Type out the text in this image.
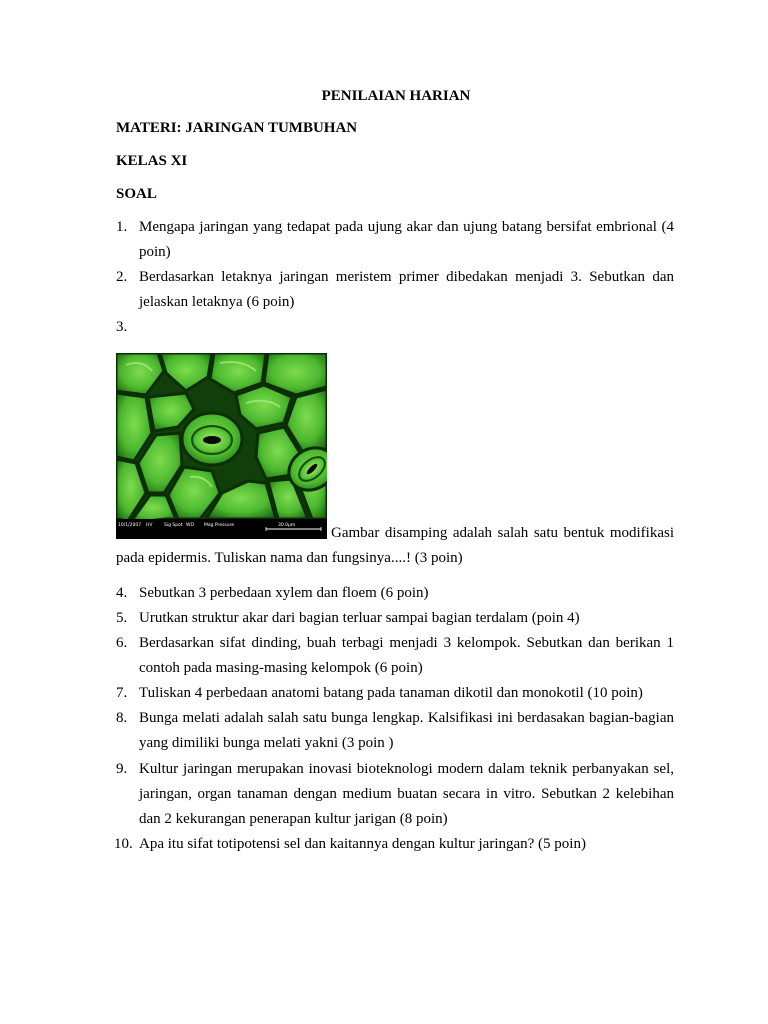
PENILAIAN HARIAN
MATERI: JARINGAN TUMBUHAN
KELAS XI
SOAL
1. Mengapa jaringan yang tedapat pada ujung akar dan ujung batang bersifat embrional (4 poin)
2. Berdasarkan letaknya jaringan meristem primer dibedakan menjadi 3. Sebutkan dan jelaskan letaknya (6 poin)
3.
10/1/2007 HV	Sig Spot WD Mag Pressure	30.0µm Gambar disamping adalah salah satu bentuk modifikasi
pada epidermis. Tuliskan nama dan fungsinya....! (3 poin)
4. Sebutkan 3 perbedaan xylem dan floem (6 poin)
5. Urutkan struktur akar dari bagian terluar sampai bagian terdalam (poin 4)
6. Berdasarkan sifat dinding, buah terbagi menjadi 3 kelompok. Sebutkan dan berikan 1 contoh pada masing-masing kelompok (6 poin)
7. Tuliskan 4 perbedaan anatomi batang pada tanaman dikotil dan monokotil (10 poin)
8. Bunga melati adalah salah satu bunga lengkap. Kalsifikasi ini berdasakan bagian-bagian yang dimiliki bunga melati yakni (3 poin )
9. Kultur jaringan merupakan inovasi bioteknologi modern dalam teknik perbanyakan sel, jaringan, organ tanaman dengan medium buatan secara in vitro. Sebutkan 2 kelebihan dan 2 kekurangan penerapan kultur jarigan (8 poin)
10. Apa itu sifat totipotensi sel dan kaitannya dengan kultur jaringan? (5 poin)
